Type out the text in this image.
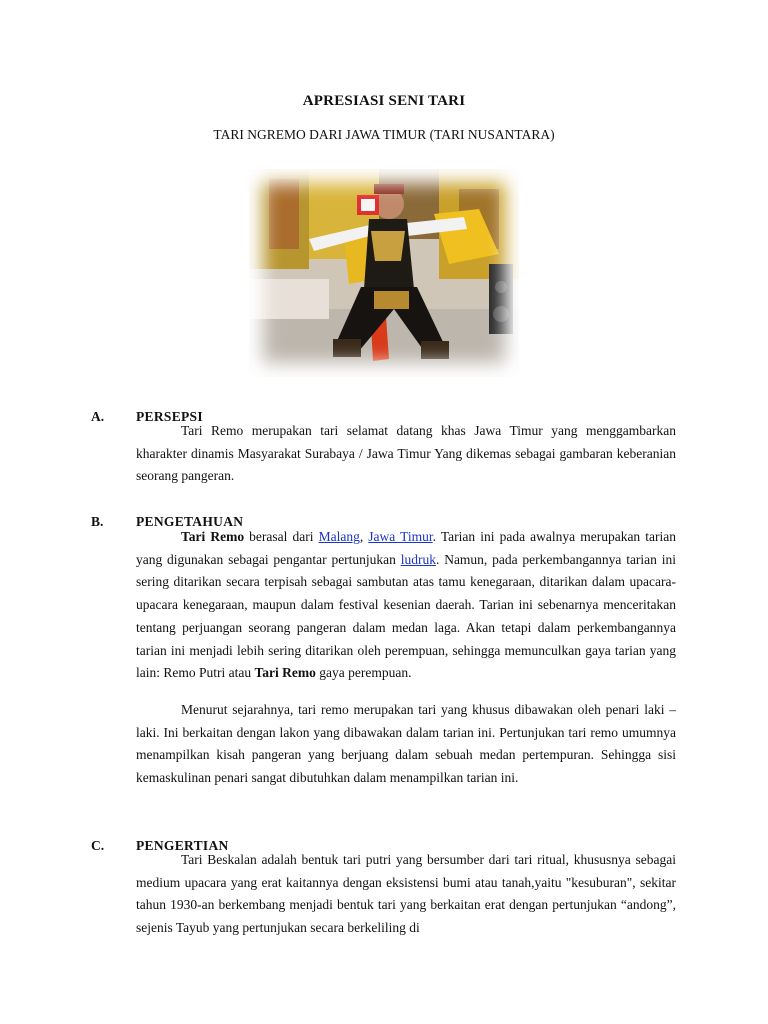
APRESIASI SENI TARI
TARI NGREMO DARI JAWA TIMUR (TARI NUSANTARA)
A. PERSEPSI

Tari Remo merupakan tari selamat datang khas Jawa Timur yang menggambarkan kharakter dinamis Masyarakat Surabaya / Jawa Timur Yang dikemas sebagai gambaran keberanian seorang pangeran.

B. PENGETAHUAN

Tari Remo berasal dari Malang, Jawa Timur. Tarian ini pada awalnya merupakan tarian yang digunakan sebagai pengantar pertunjukan ludruk. Namun, pada perkembangannya tarian ini sering ditarikan secara terpisah sebagai sambutan atas tamu kenegaraan, ditarikan dalam upacara-upacara kenegaraan, maupun dalam festival kesenian daerah. Tarian ini sebenarnya menceritakan tentang perjuangan seorang pangeran dalam medan laga. Akan tetapi dalam perkembangannya tarian ini menjadi lebih sering ditarikan oleh perempuan, sehingga memunculkan gaya tarian yang lain: Remo Putri atau Tari Remo gaya perempuan.

Menurut sejarahnya, tari remo merupakan tari yang khusus dibawakan oleh penari laki – laki. Ini berkaitan dengan lakon yang dibawakan dalam tarian ini. Pertunjukan tari remo umumnya menampilkan kisah pangeran yang berjuang dalam sebuah medan pertempuran. Sehingga sisi kemaskulinan penari sangat dibutuhkan dalam menampilkan tarian ini.

C. PENGERTIAN

Tari Beskalan adalah bentuk tari putri yang bersumber dari tari ritual, khususnya sebagai medium upacara yang erat kaitannya dengan eksistensi bumi atau tanah,yaitu "kesuburan", sekitar tahun 1930-an berkembang menjadi bentuk tari yang berkaitan erat dengan pertunjukan “andong”, sejenis Tayub yang pertunjukan secara berkeliling di
